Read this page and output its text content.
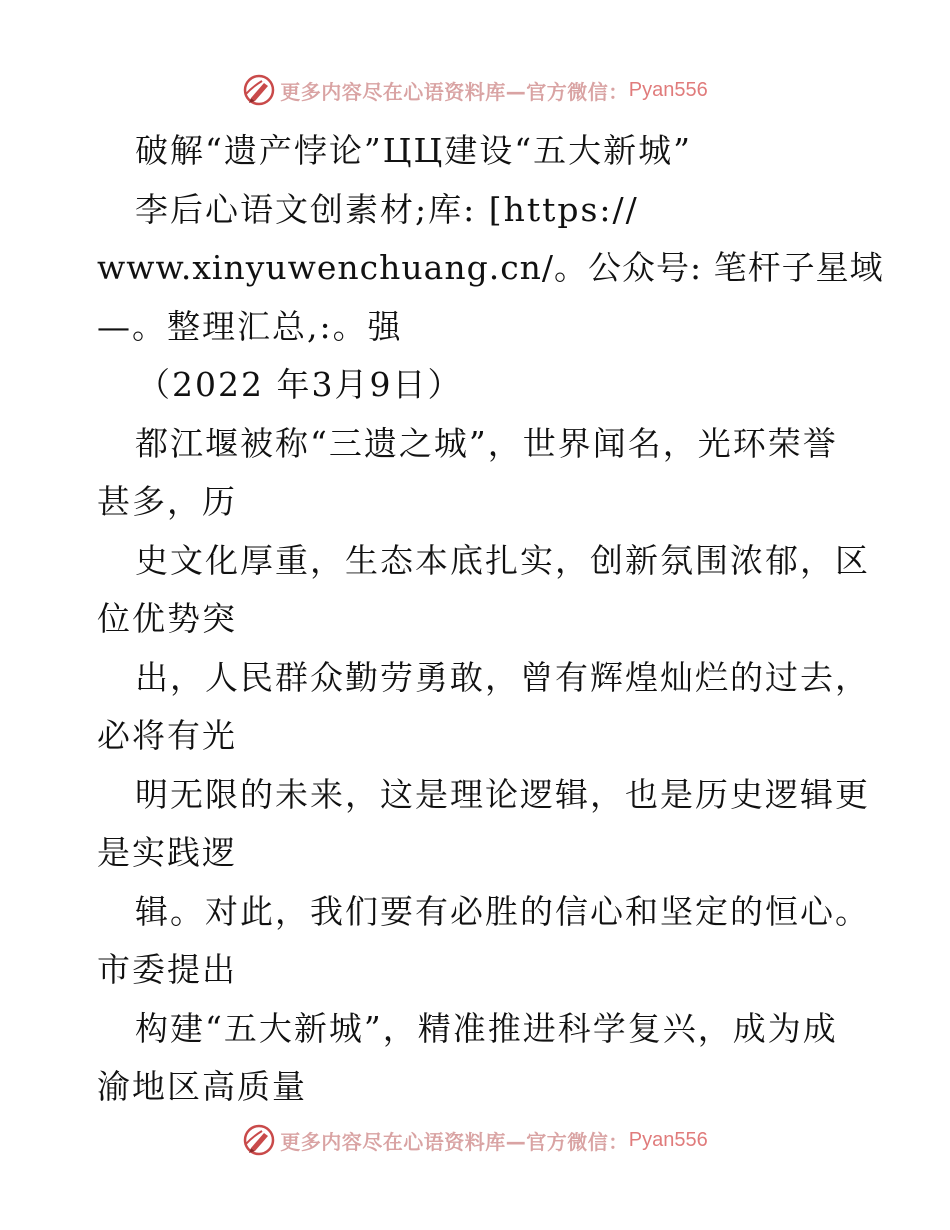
更多内容尽在心语资料库—官方微信： Pyan556
破解“遗产悖论”ЦЦ建设“五大新城”
李后心语文创素材;库: [https://
www.xinyuwenchuang.cn/。公众号: 笔杆子星域
—。整理汇总,:。强
（2022 年3月9日）
都江堰被称“三遗之城”，世界闻名，光环荣誉
甚多，历
史文化厚重，生态本底扎实，创新氛围浓郁，区
位优势突
出，人民群众勤劳勇敢，曾有辉煌灿烂的过去，
必将有光
明无限的未来，这是理论逻辑，也是历史逻辑更
是实践逻
辑。对此，我们要有必胜的信心和坚定的恒心。
市委提出
构建“五大新城”，精准推进科学复兴，成为成
渝地区高质量
更多内容尽在心语资料库—官方微信： Pyan556
